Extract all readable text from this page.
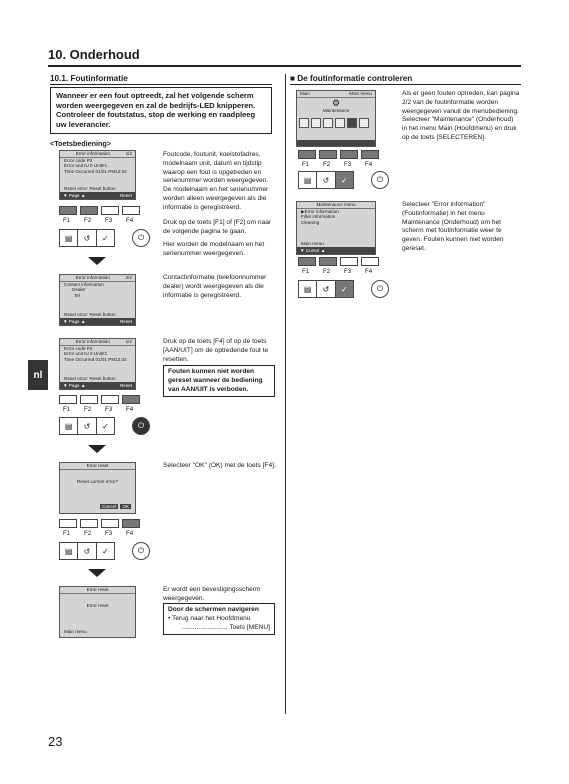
10. Onderhoud
10.1. Foutinformatie
Wanneer er een fout optreedt, zal het volgende scherm worden weergegeven en zal de bedrijfs-LED knipperen. Controleer de foutstatus, stop de werking en raadpleeg uw leverancier.
<Toetsbediening>
Error information	1/2
Error code P2
Error unit IU 0 Unit#1
Time Occurred 01/01 PM12:34
Reset error: Reset button
▼ Page ▲	Reset
F1 F2 F3 F4
▤	↺	✓	⏻
Foutcode, foutunit, koelstofadres, modelnaam unit, datum en tijdstip waarop een fout is opgetreden en serienummer worden weergegeven. De modelnaam en het serienummer worden alleen weergegeven als die informatie is geregistreerd.
Druk op de toets [F1] of [F2] om naar de volgende pagina te gaan.
Hier worden de modelnaam en het serienummer weergegeven.
Error information	2/2
Contact information
Dealer
Tel
Reset error: Reset button
▼ Page ▲	Reset
Contactinformatie (telefoonnummer dealer) wordt weergegeven als die informatie is geregistreerd.
Error information	1/2
Error code P2
Error unit IU 0 Unit#1
Time Occurred 01/01 PM12:34
Reset error: Reset button
▼ Page ▲	Reset
F1 F2 F3 F4
▤	↺	✓	⏻
Druk op de toets [F4] of op de toets [AAN/UIT] om de optredende fout te resetten.
Fouten kunnen niet worden gereset wanneer de bediening van AAN/UIT is verboden.
Error reset
Reset current error?
Cancel	OK
F1 F2 F3 F4
▤	↺	✓	⏻
Selecteer "OK" (OK) met de toets [F4].
Error reset
Error reset
Main menu
Er wordt een bevestigingsscherm weergegeven.
Door de schermen navigeren
• Terug naar het Hoofdmenu
......................... Toets [MENU]
nl
■ De foutinformatie controleren
Main	Main menu
⚙
Maintenance
F1 F2 F3 F4
▤	↺	✓	⏻
Als er geen fouten optreden, kan pagina 2/2 van de foutinformatie worden weergegeven vanuit de menubediening. Selecteer "Maintenance" (Onderhoud) in het menu Main (Hoofdmenu) en druk op de toets [SELECTEREN].
Maintenance menu
▶Error information
Filter information
Cleaning
Main menu
▼ Cursor ▲
F1 F2 F3 F4
▤	↺	✓	⏻
Selecteer "Error information" (Foutinformatie) in het menu Maintenance (Onderhoud) om het scherm met foutinformatie weer te geven. Fouten kunnen niet worden gereset.
23
